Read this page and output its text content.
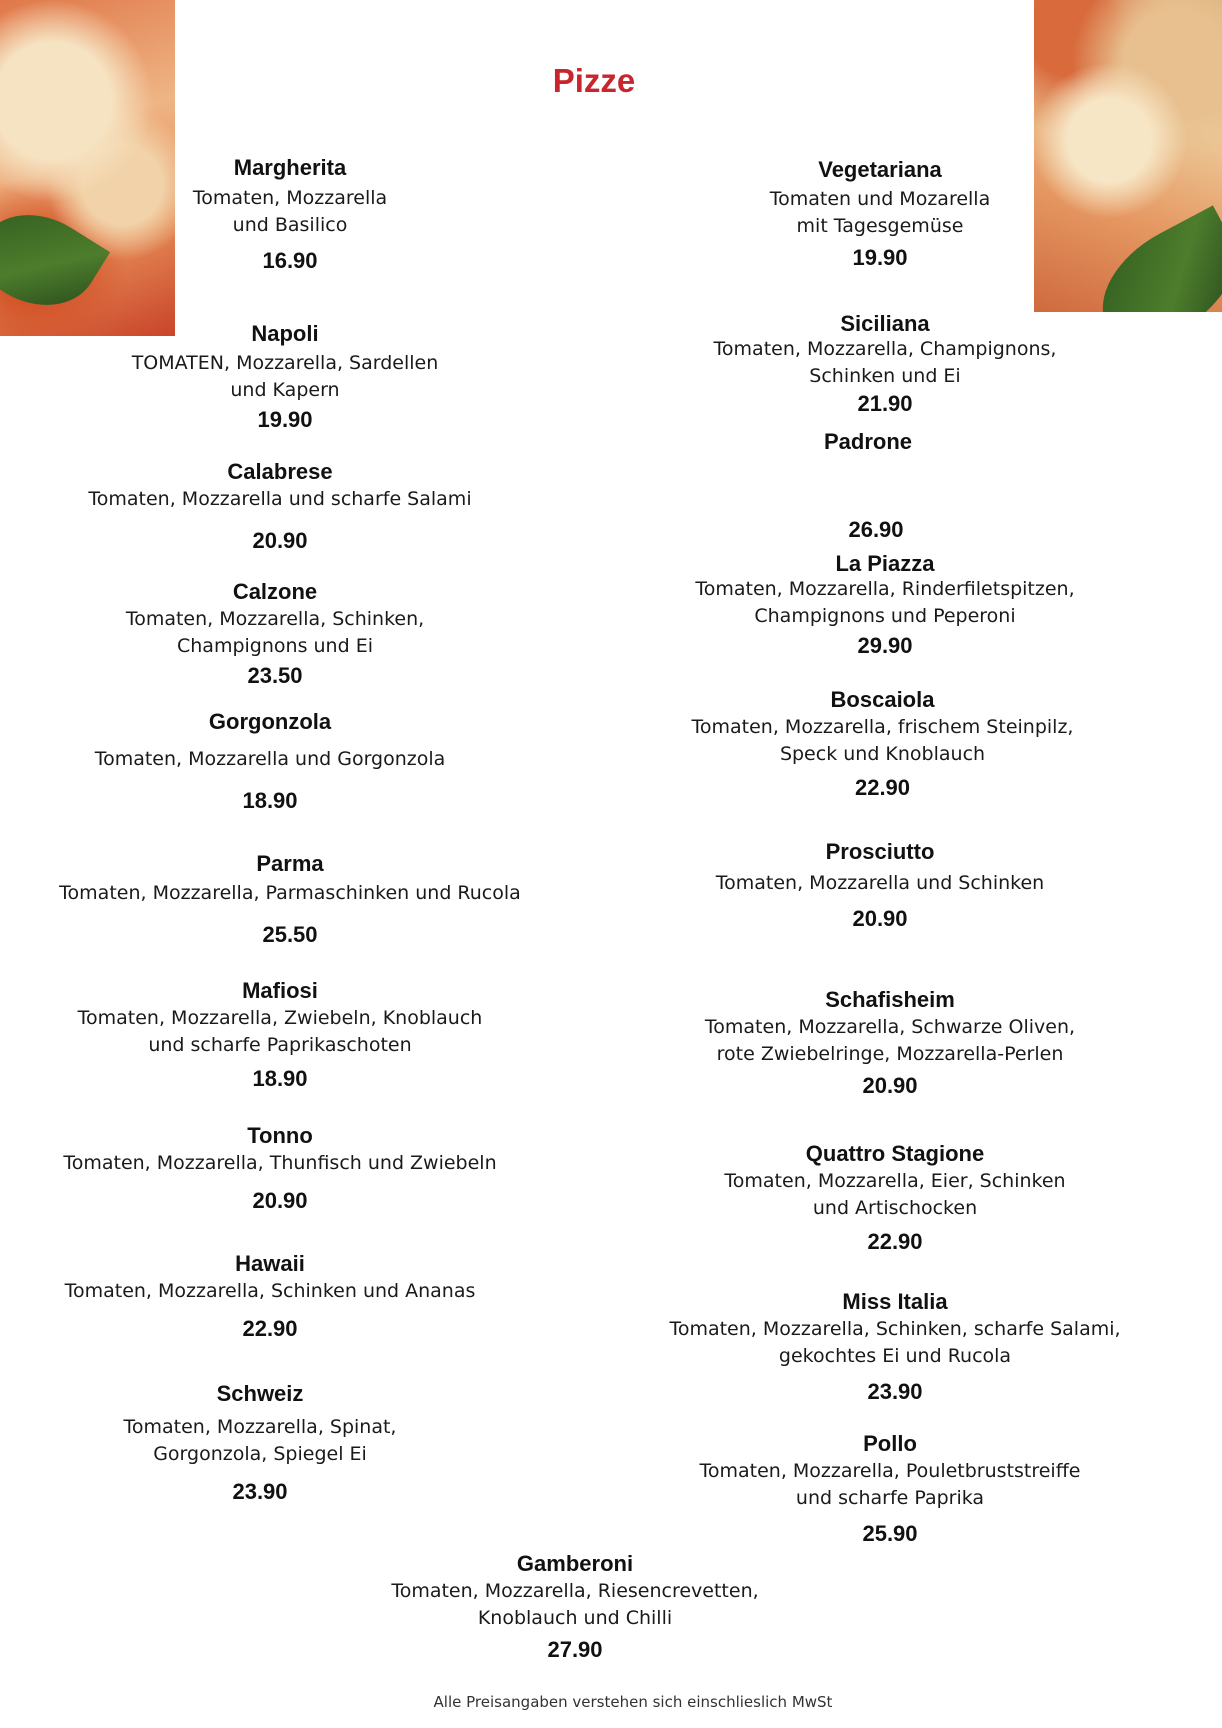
Pizze
Margherita
Tomaten, Mozzarella
und Basilico
16.90
Napoli
TOMATEN, Mozzarella, Sardellen
und Kapern
19.90
Calabrese
Tomaten, Mozzarella und scharfe Salami
20.90
Calzone
Tomaten, Mozzarella, Schinken,
Champignons und Ei
23.50
Gorgonzola
Tomaten, Mozzarella und Gorgonzola
18.90
Parma
Tomaten, Mozzarella, Parmaschinken und Rucola
25.50
Mafiosi
Tomaten, Mozzarella, Zwiebeln, Knoblauch
und scharfe Paprikaschoten
18.90
Tonno
Tomaten, Mozzarella, Thunfisch und Zwiebeln
20.90
Hawaii
Tomaten, Mozzarella, Schinken und Ananas
22.90
Schweiz
Tomaten, Mozzarella, Spinat,
Gorgonzola, Spiegel Ei
23.90
Vegetariana
Tomaten und Mozarella
mit Tagesgemüse
19.90
Siciliana
Tomaten, Mozzarella, Champignons,
Schinken und Ei
21.90
Padrone
26.90
La Piazza
Tomaten, Mozzarella, Rinderfiletspitzen,
Champignons und Peperoni
29.90
Boscaiola
Tomaten, Mozzarella, frischem Steinpilz,
Speck und Knoblauch
22.90
Prosciutto
Tomaten, Mozzarella und Schinken
20.90
Schafisheim
Tomaten, Mozzarella, Schwarze Oliven,
rote Zwiebelringe, Mozzarella-Perlen
20.90
Quattro Stagione
Tomaten, Mozzarella, Eier, Schinken
und Artischocken
22.90
Miss Italia
Tomaten, Mozzarella, Schinken, scharfe Salami,
gekochtes Ei und Rucola
23.90
Pollo
Tomaten, Mozzarella, Pouletbruststreiffe
und scharfe Paprika
25.90
Gamberoni
Tomaten, Mozzarella, Riesencrevetten,
Knoblauch und Chilli
27.90
Alle Preisangaben verstehen sich einschlieslich MwSt
